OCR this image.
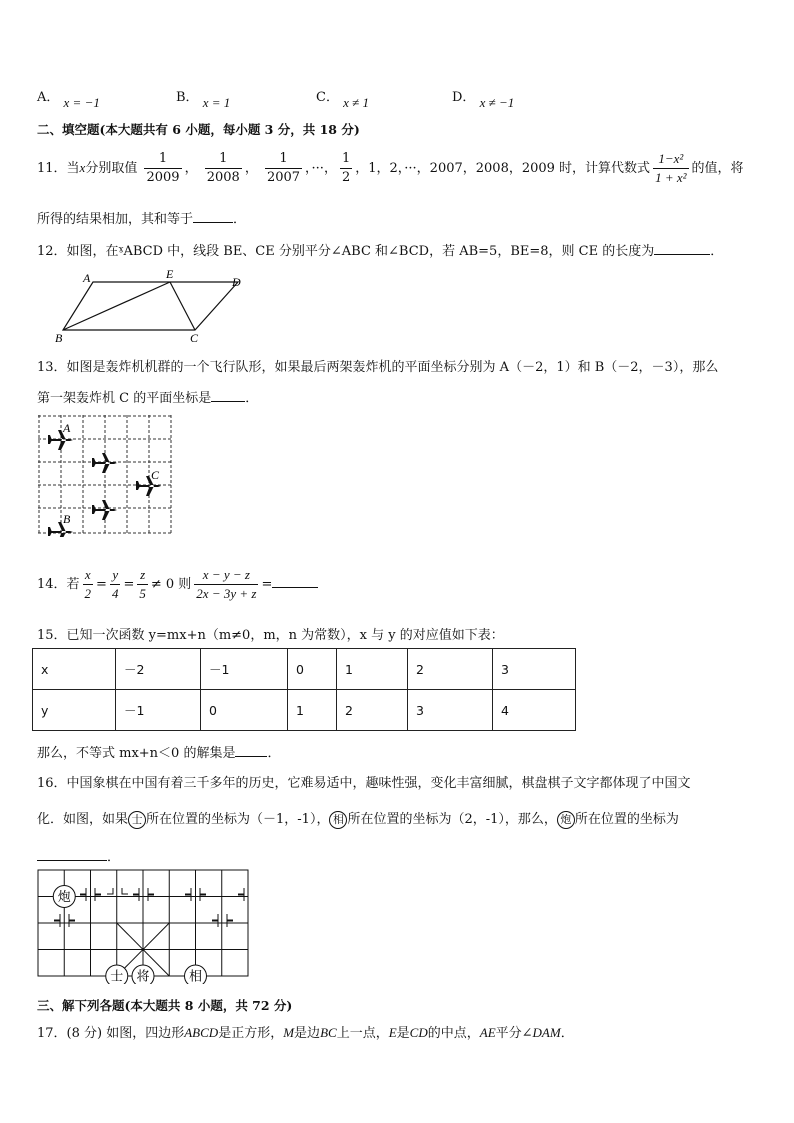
A． x = −1	B． x = 1	C． x ≠ 1	D． x ≠ −1
二、填空题(本大题共有 6 小题，每小题 3 分，共 18 分)
11．当x分别取值 $\frac{1}{2009}$ ， $\frac{1}{2008}$ ， $\frac{1}{2007}$ ，···， $\frac{1}{2}$ ，1，2，···，2007，2008，2009 时，计算代数式 $\frac{\text{1−x²}}{\text{1 + x²}}$ 的值，将
所得的结果相加，其和等于	．
12．如图，在ˠABCD 中，线段 BE、CE 分别平分∠ABC 和∠BCD，若 AB=5，BE=8，则 CE 的长度为	．
A	E
D
B	C
13．如图是轰炸机机群的一个飞行队形，如果最后两架轰炸机的平面坐标分别为 A（－2，1）和 B（－2，－3），那么
第一架轰炸机 C 的平面坐标是	．
A
C
B
14．若 $\frac{x}{2} = \frac{y}{4} = \frac{z}{5} \ne 0$ 则 $\frac{x - y - z}{2x - 3y + z}$ =
15．已知一次函数 y=mx+n（m≠0，m，n 为常数），x 与 y 的对应值如下表：
x	－2	－1	0	1	2	3
y	－1	0	1	2	3	4
那么，不等式 mx+n＜0 的解集是 ．
16．中国象棋在中国有着三千多年的历史，它难易适中，趣味性强，变化丰富细腻，棋盘棋子文字都体现了中国文
化．如图，如果 士 所在位置的坐标为（－1，-1）， 相 所在位置的坐标为（2，-1），那么， 炮 所在位置的坐标为
．
炮
士 将	相
三、解下列各题(本大题共 8 小题，共 72 分)
17．(8 分) 如图，四边形ABCD是正方形，M是边BC上一点，E是CD的中点，AE平分∠DAM．
